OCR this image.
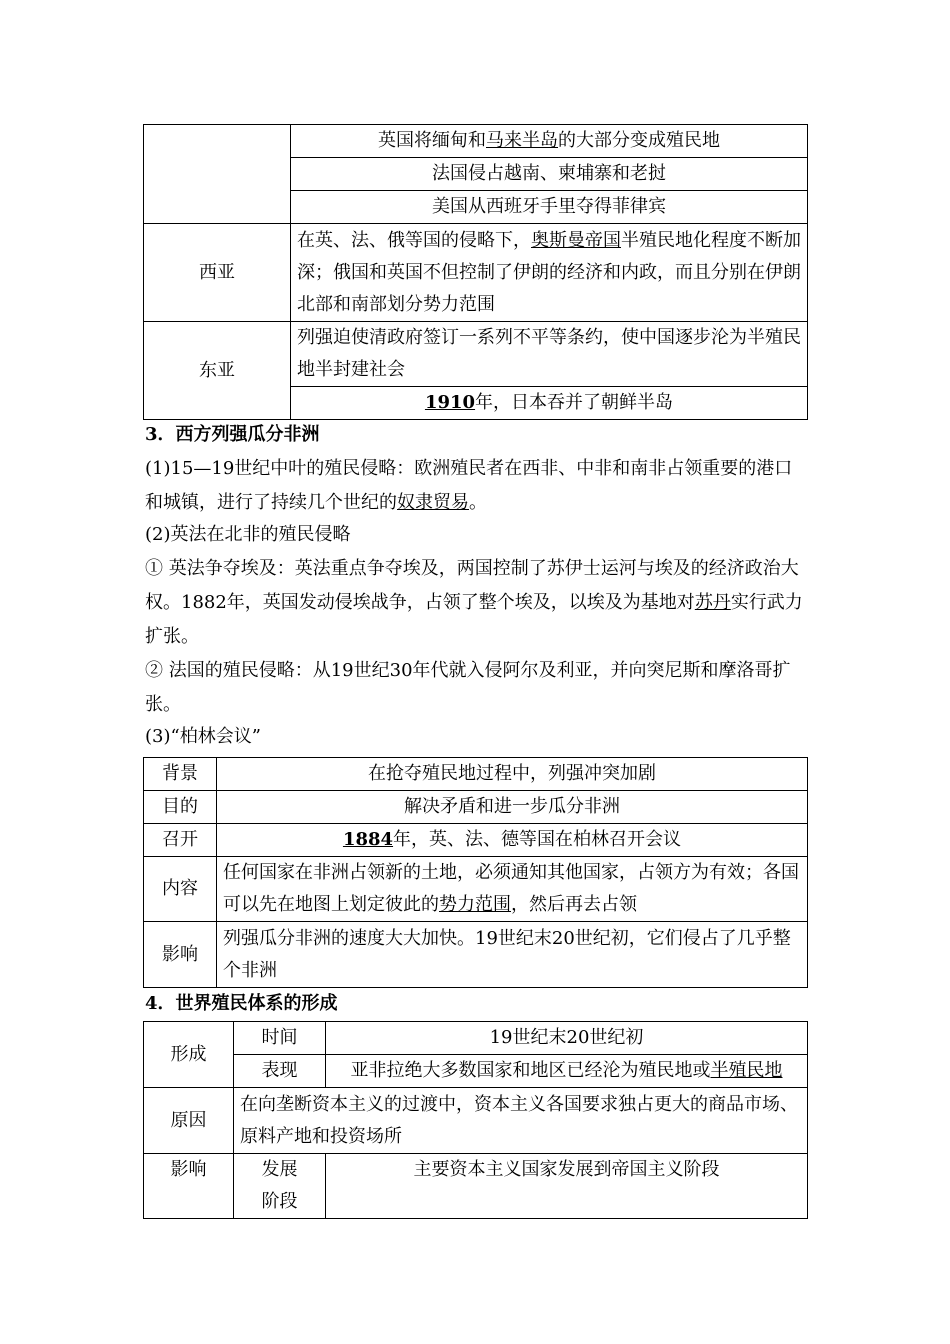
	英国将缅甸和马来半岛的大部分变成殖民地
	法国侵占越南、柬埔寨和老挝
	美国从西班牙手里夺得菲律宾
西亚	在英、法、俄等国的侵略下，奥斯曼帝国半殖民地化程度不断加深；俄国和英国不但控制了伊朗的经济和内政，而且分别在伊朗北部和南部划分势力范围
东亚	列强迫使清政府签订一系列不平等条约，使中国逐步沦为半殖民地半封建社会
	1910年，日本吞并了朝鲜半岛

3．西方列强瓜分非洲

(1)15—19世纪中叶的殖民侵略：欧洲殖民者在西非、中非和南非占领重要的港口和城镇，进行了持续几个世纪的奴隶贸易。

(2)英法在北非的殖民侵略

① 英法争夺埃及：英法重点争夺埃及，两国控制了苏伊士运河与埃及的经济政治大权。1882年，英国发动侵埃战争，占领了整个埃及，以埃及为基地对苏丹实行武力扩张。

② 法国的殖民侵略：从19世纪30年代就入侵阿尔及利亚，并向突尼斯和摩洛哥扩张。

(3)“柏林会议”

背景	在抢夺殖民地过程中，列强冲突加剧
目的	解决矛盾和进一步瓜分非洲
召开	1884年，英、法、德等国在柏林召开会议
内容	任何国家在非洲占领新的土地，必须通知其他国家，占领方为有效；各国可以先在地图上划定彼此的势力范围，然后再去占领
影响	列强瓜分非洲的速度大大加快。19世纪末20世纪初，它们侵占了几乎整个非洲

4．世界殖民体系的形成

形成	时间	19世纪末20世纪初
	表现	亚非拉绝大多数国家和地区已经沦为殖民地或半殖民地
原因	在向垄断资本主义的过渡中，资本主义各国要求独占更大的商品市场、原料产地和投资场所	
影响	发展阶段	主要资本主义国家发展到帝国主义阶段
